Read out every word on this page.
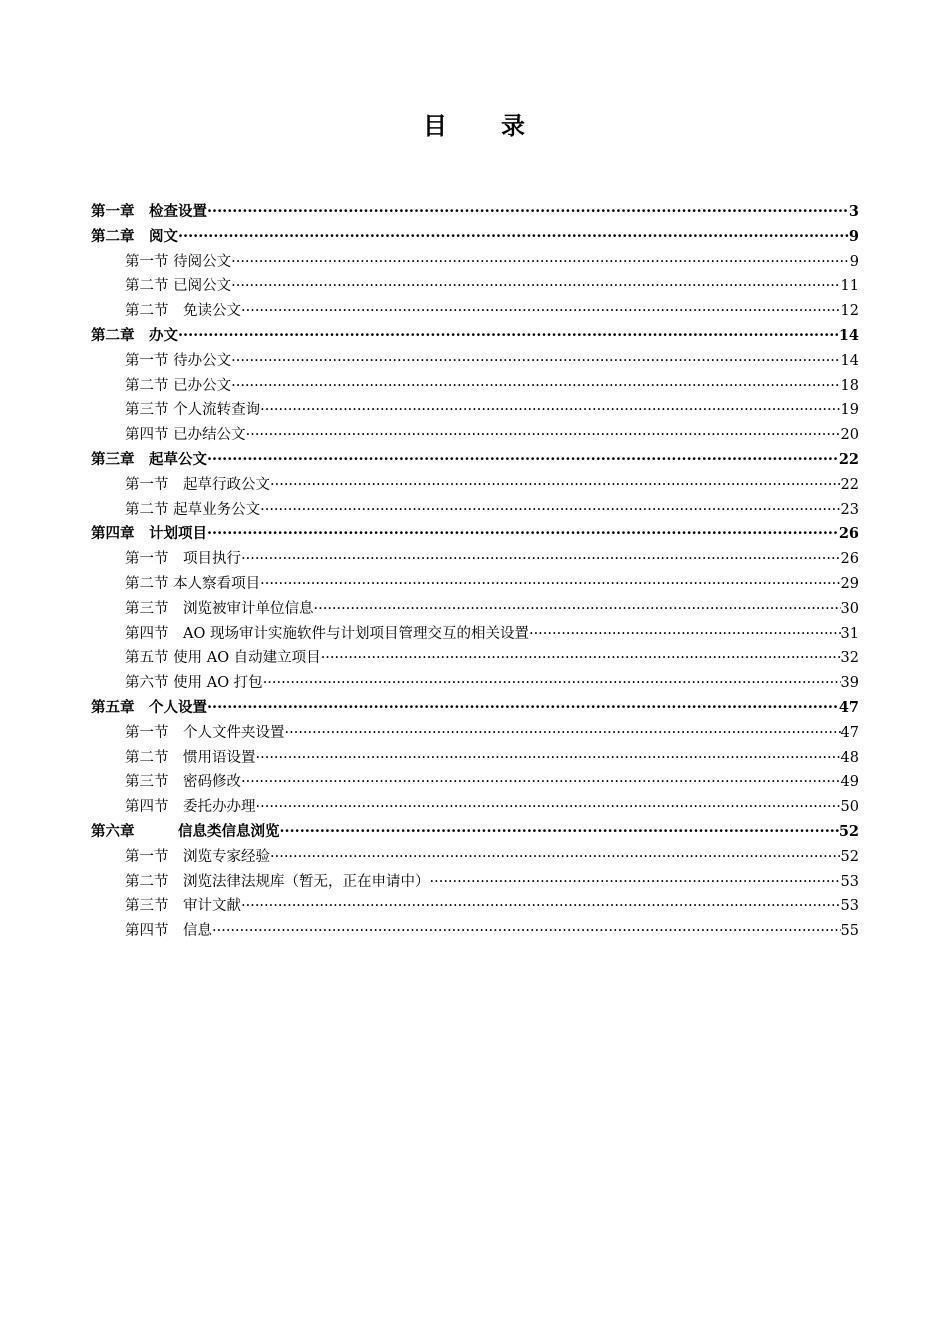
目　　录
第一章　检查设置 ·····	3
第二章　阅文 ·····	9
第一节 待阅公文 ·····	9
第二节 已阅公文 ·····	11
第二节　免读公文 ·····	12
第二章　办文 ·····	14
第一节 待办公文 ·····	14
第二节 已办公文 ·····	18
第三节 个人流转查询 ·····	19
第四节 已办结公文 ·····	20
第三章　起草公文 ·····	22
第一节　起草行政公文 ·····	22
第二节 起草业务公文 ·····	23
第四章　计划项目 ·····	26
第一节　项目执行 ·····	26
第二节 本人察看项目 ·····	29
第三节　浏览被审计单位信息 ·····	30
第四节　AO 现场审计实施软件与计划项目管理交互的相关设置 ·····	31
第五节 使用 AO 自动建立项目 ·····	32
第六节 使用 AO 打包 ·····	39
第五章　个人设置 ·····	47
第一节　个人文件夹设置 ·····	47
第二节　惯用语设置 ·····	48
第三节　密码修改 ·····	49
第四节　委托办办理 ·····	50
第六章　　　信息类信息浏览 ·····	52
第一节　浏览专家经验 ·····	52
第二节　浏览法律法规库（暂无，正在申请中） ·····	53
第三节　审计文献 ·····	53
第四节　信息 ·····	55
